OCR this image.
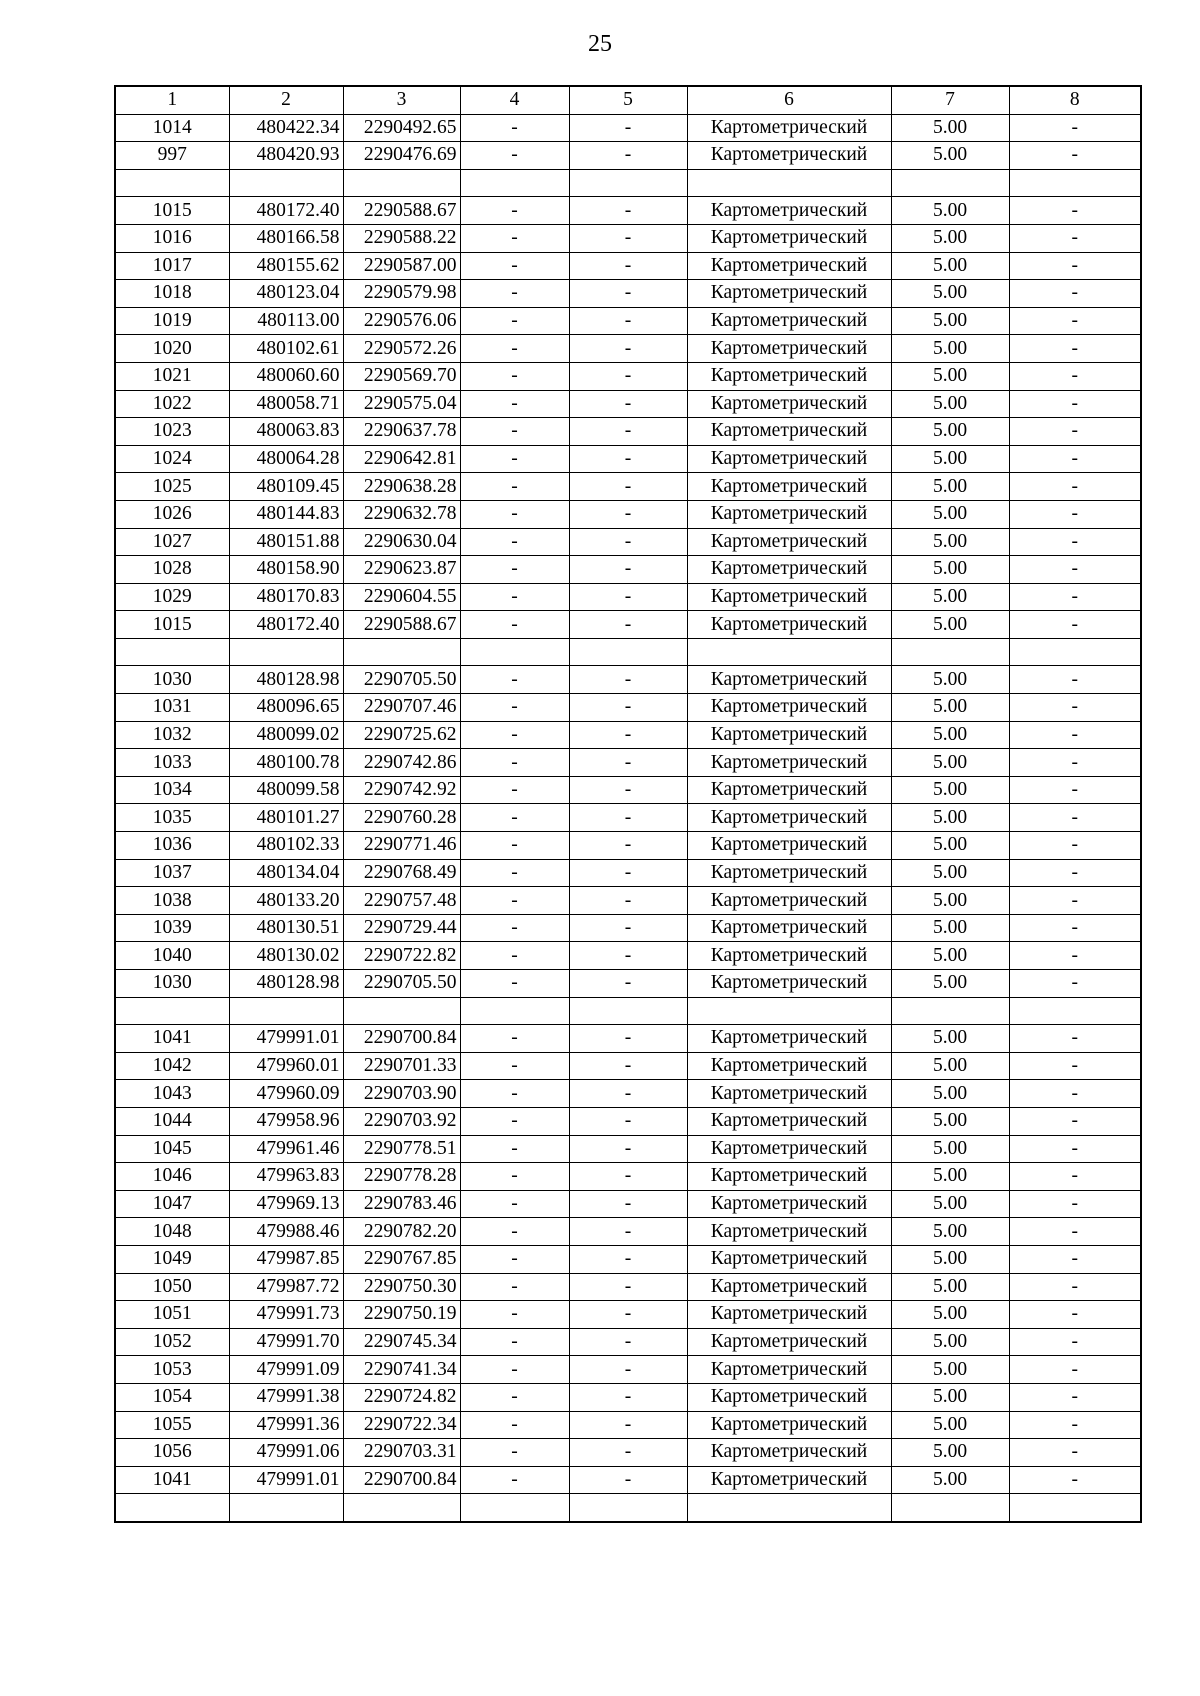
25
1	2	3	4	5	6	7	8
1014	480422.34	2290492.65	-	-	Картометрический	5.00	-
997	480420.93	2290476.69	-	-	Картометрический	5.00	-

1015	480172.40	2290588.67	-	-	Картометрический	5.00	-
1016	480166.58	2290588.22	-	-	Картометрический	5.00	-
1017	480155.62	2290587.00	-	-	Картометрический	5.00	-
1018	480123.04	2290579.98	-	-	Картометрический	5.00	-
1019	480113.00	2290576.06	-	-	Картометрический	5.00	-
1020	480102.61	2290572.26	-	-	Картометрический	5.00	-
1021	480060.60	2290569.70	-	-	Картометрический	5.00	-
1022	480058.71	2290575.04	-	-	Картометрический	5.00	-
1023	480063.83	2290637.78	-	-	Картометрический	5.00	-
1024	480064.28	2290642.81	-	-	Картометрический	5.00	-
1025	480109.45	2290638.28	-	-	Картометрический	5.00	-
1026	480144.83	2290632.78	-	-	Картометрический	5.00	-
1027	480151.88	2290630.04	-	-	Картометрический	5.00	-
1028	480158.90	2290623.87	-	-	Картометрический	5.00	-
1029	480170.83	2290604.55	-	-	Картометрический	5.00	-
1015	480172.40	2290588.67	-	-	Картометрический	5.00	-

1030	480128.98	2290705.50	-	-	Картометрический	5.00	-
1031	480096.65	2290707.46	-	-	Картометрический	5.00	-
1032	480099.02	2290725.62	-	-	Картометрический	5.00	-
1033	480100.78	2290742.86	-	-	Картометрический	5.00	-
1034	480099.58	2290742.92	-	-	Картометрический	5.00	-
1035	480101.27	2290760.28	-	-	Картометрический	5.00	-
1036	480102.33	2290771.46	-	-	Картометрический	5.00	-
1037	480134.04	2290768.49	-	-	Картометрический	5.00	-
1038	480133.20	2290757.48	-	-	Картометрический	5.00	-
1039	480130.51	2290729.44	-	-	Картометрический	5.00	-
1040	480130.02	2290722.82	-	-	Картометрический	5.00	-
1030	480128.98	2290705.50	-	-	Картометрический	5.00	-

1041	479991.01	2290700.84	-	-	Картометрический	5.00	-
1042	479960.01	2290701.33	-	-	Картометрический	5.00	-
1043	479960.09	2290703.90	-	-	Картометрический	5.00	-
1044	479958.96	2290703.92	-	-	Картометрический	5.00	-
1045	479961.46	2290778.51	-	-	Картометрический	5.00	-
1046	479963.83	2290778.28	-	-	Картометрический	5.00	-
1047	479969.13	2290783.46	-	-	Картометрический	5.00	-
1048	479988.46	2290782.20	-	-	Картометрический	5.00	-
1049	479987.85	2290767.85	-	-	Картометрический	5.00	-
1050	479987.72	2290750.30	-	-	Картометрический	5.00	-
1051	479991.73	2290750.19	-	-	Картометрический	5.00	-
1052	479991.70	2290745.34	-	-	Картометрический	5.00	-
1053	479991.09	2290741.34	-	-	Картометрический	5.00	-
1054	479991.38	2290724.82	-	-	Картометрический	5.00	-
1055	479991.36	2290722.34	-	-	Картометрический	5.00	-
1056	479991.06	2290703.31	-	-	Картометрический	5.00	-
1041	479991.01	2290700.84	-	-	Картометрический	5.00	-
